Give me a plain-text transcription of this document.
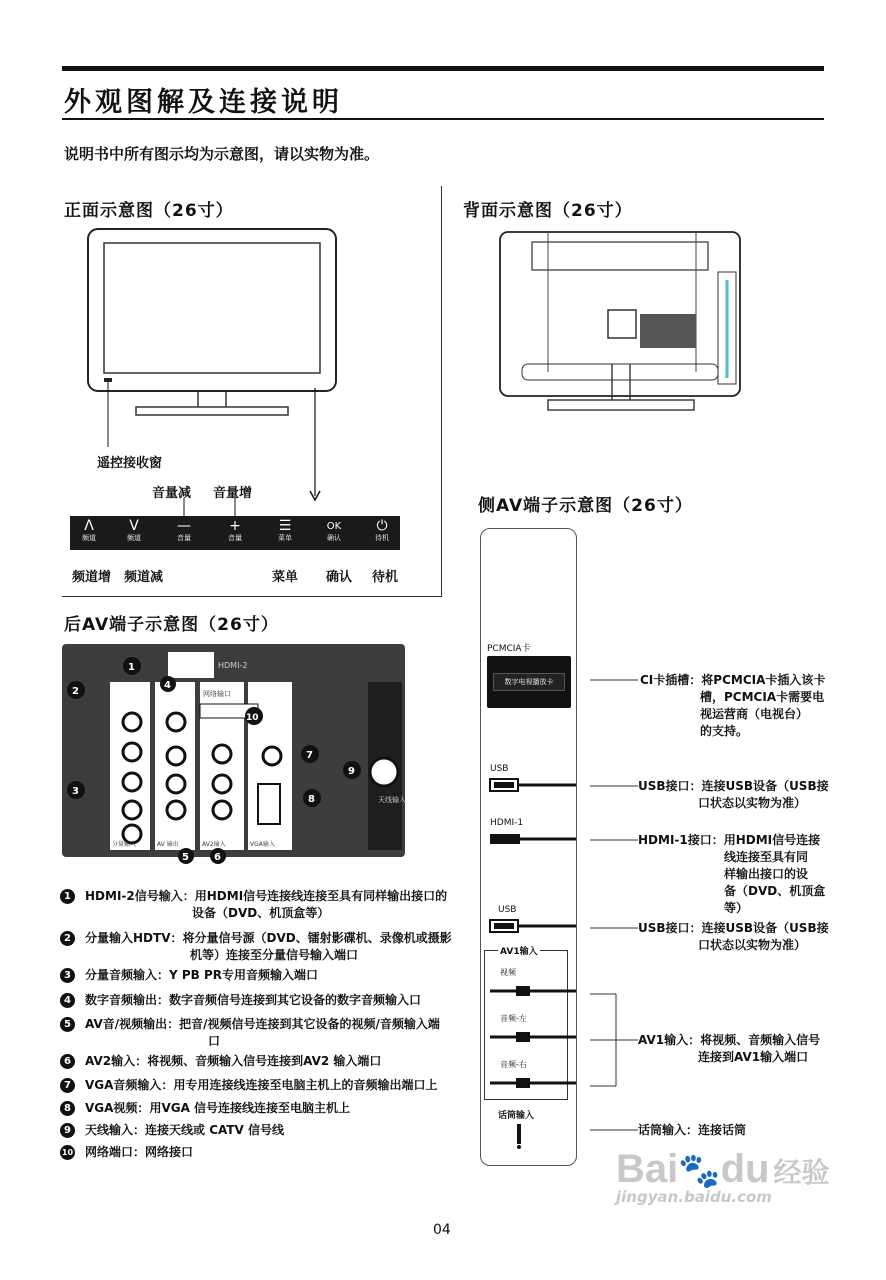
外观图解及连接说明
说明书中所有图示均为示意图，请以实物为准。
正面示意图（26寸）
遥控接收窗
音量减 音量增
Λ
频道
V
频道
—
音量
+
音量
☰
菜单
OK
确认
⏻
待机
频道增 频道减	菜单 确认 待机
背面示意图（26寸）
后AV端子示意图（26寸）
HDMI-2
网络输口
天线输入
分量输入	AV 输出	AV2输入	VGA输入
1
2
3
4
5	6
7
8
9
10
1 HDMI-2信号输入：用HDMI信号连接线连接至具有同样输出接口的
设备（DVD、机顶盒等）
2 分量输入HDTV：将分量信号源（DVD、镭射影碟机、录像机或摄影
机等）连接至分量信号输入端口
3 分量音频输入：Y PB PR专用音频输入端口
4 数字音频输出：数字音频信号连接到其它设备的数字音频输入口
5 AV音/视频输出：把音/视频信号连接到其它设备的视频/音频输入端
口
6 AV2输入：将视频、音频输入信号连接到AV2 输入端口
7 VGA音频输入：用专用连接线连接至电脑主机上的音频输出端口上
8 VGA视频：用VGA 信号连接线连接至电脑主机上
9 天线输入：连接天线或 CATV 信号线
10 网络端口：网络接口
侧AV端子示意图（26寸）
PCMCIA卡
数字电视播放卡
USB
HDMI-1
USB
AV1输入
视频
音频-左
音频-右
话筒输入
CI卡插槽：将PCMCIA卡插入该卡
槽，PCMCIA卡需要电
视运营商（电视台）
的支持。
USB接口：连接USB设备（USB接
口状态以实物为准）
HDMI-1接口：用HDMI信号连接
线连接至具有同
样输出接口的设
备（DVD、机顶盒
等）
USB接口：连接USB设备（USB接
口状态以实物为准）
AV1输入：将视频、音频输入信号
连接到AV1输入端口
话筒输入：连接话筒
Bai🐾du 经验
jingyan.baidu.com
04
